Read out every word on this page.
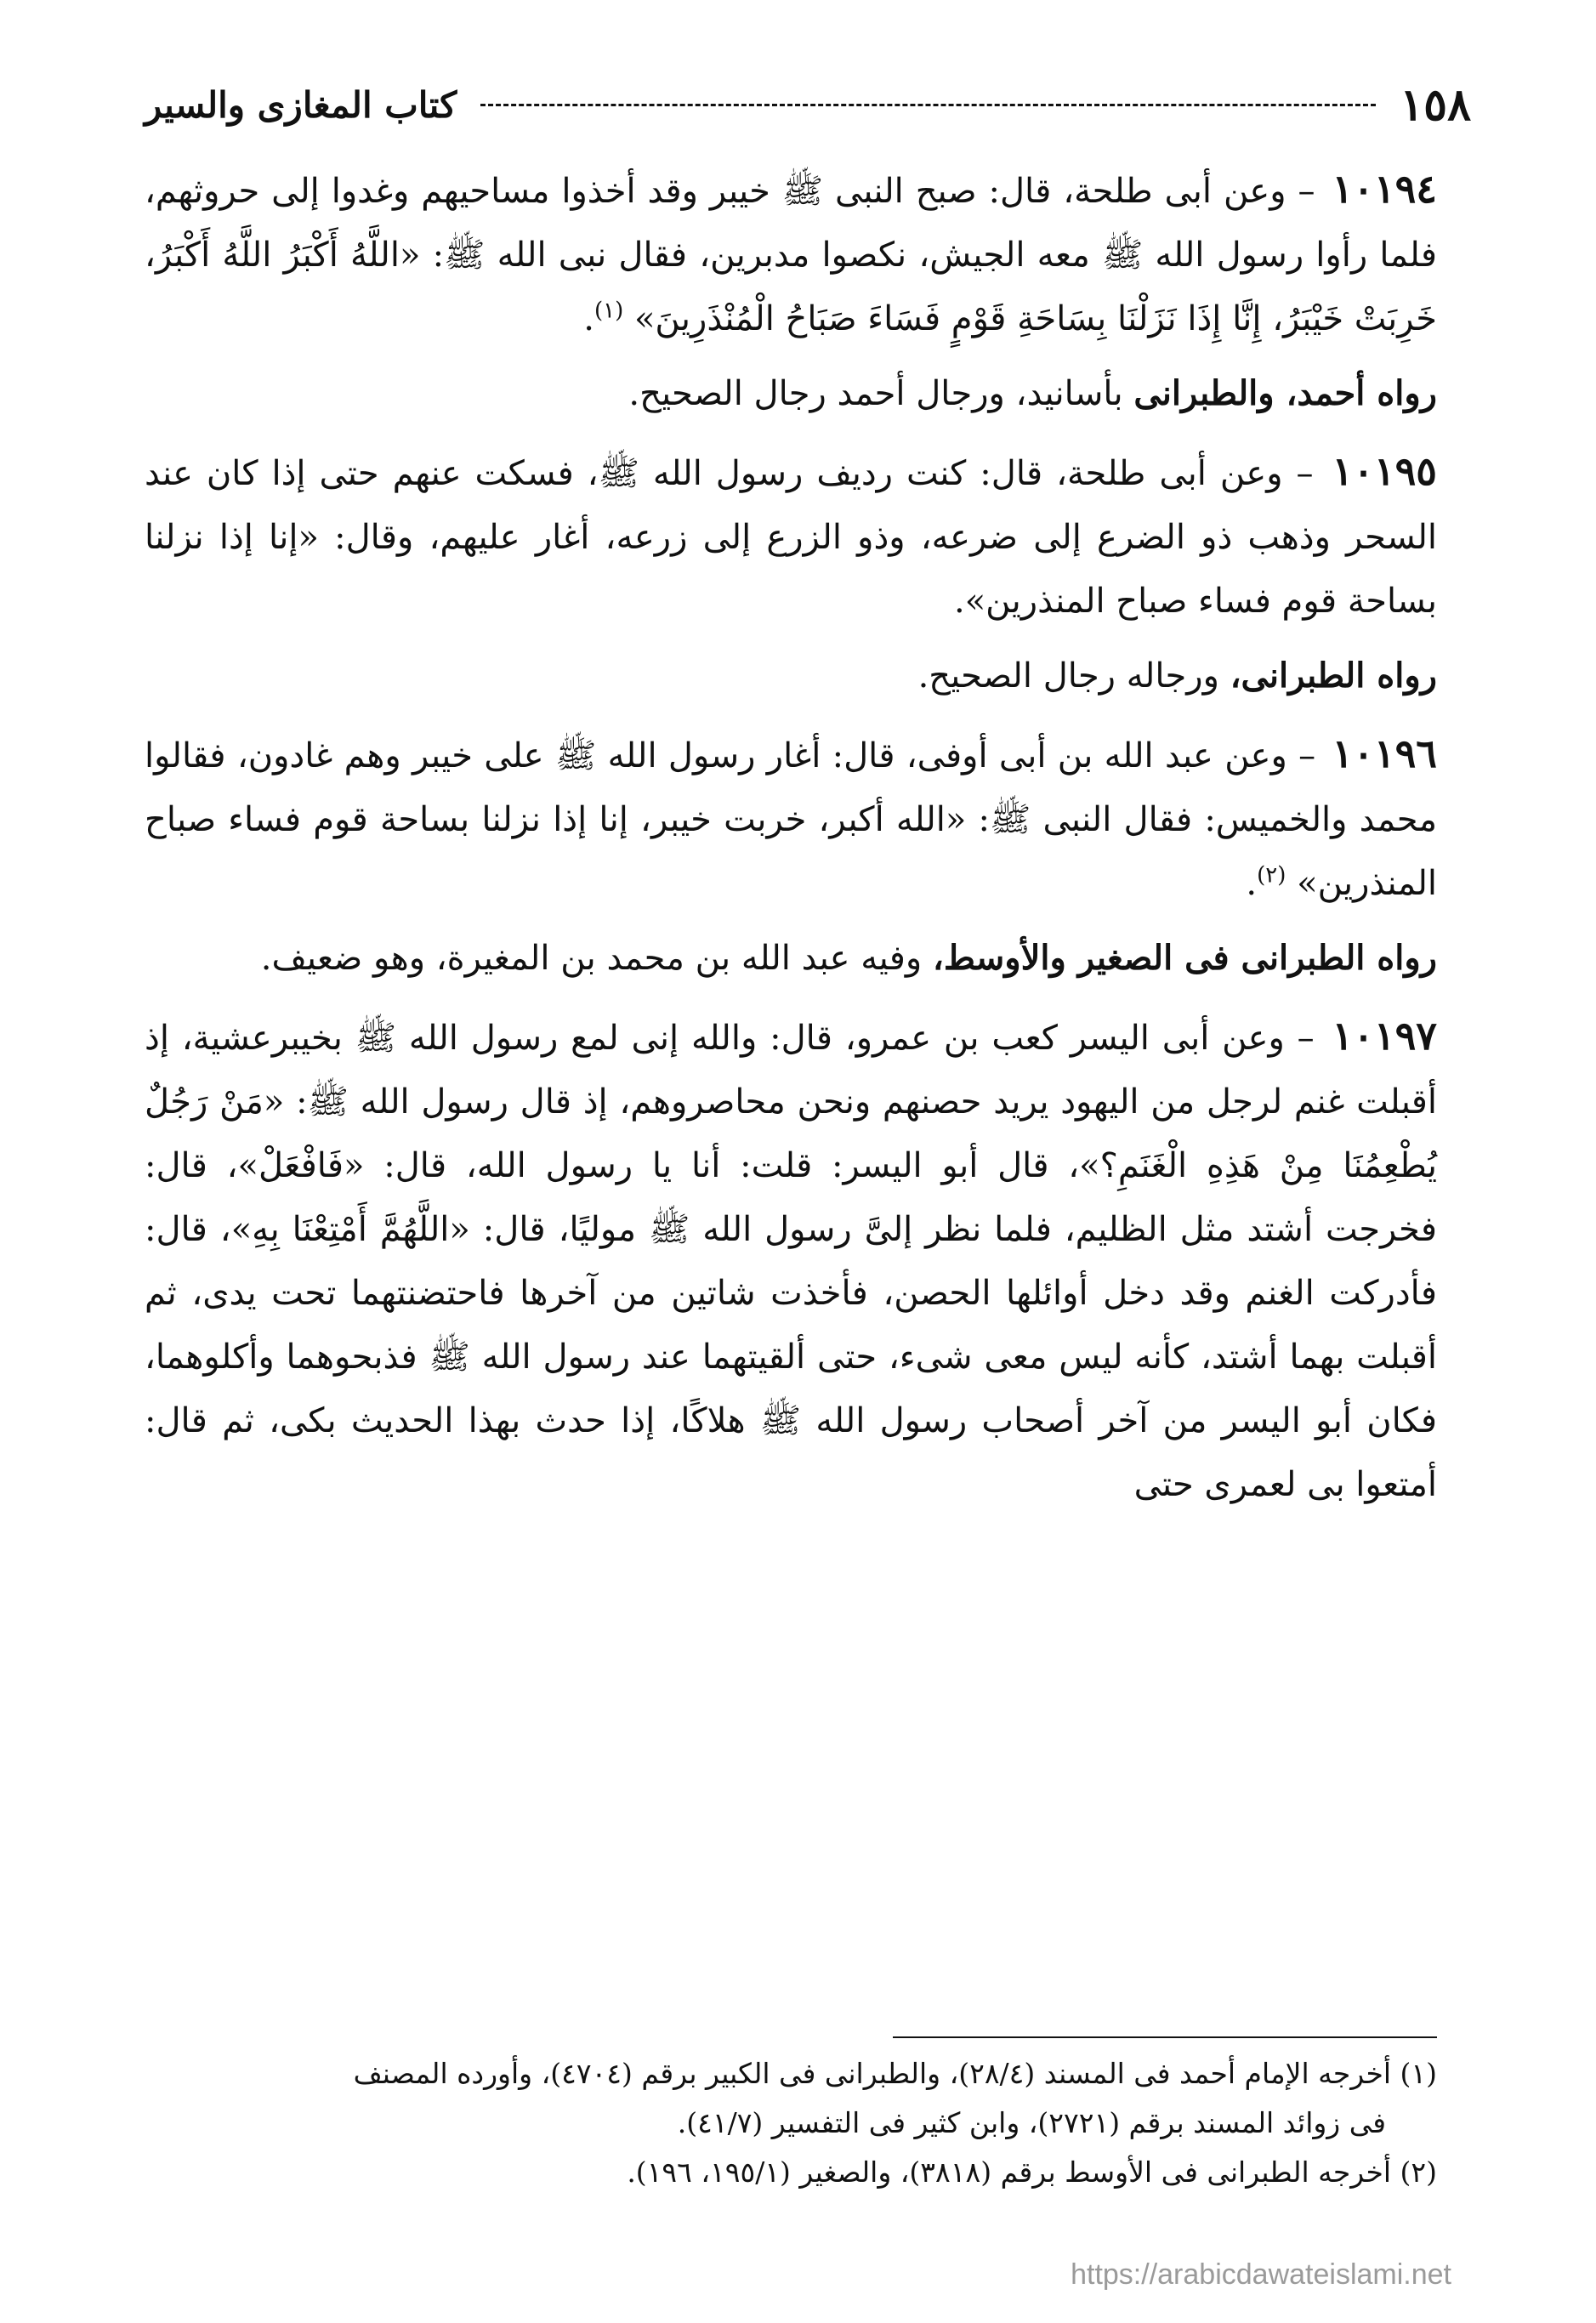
١٥٨
كتاب المغازى والسير

١٠١٩٤ – وعن أبى طلحة، قال: صبح النبى ﷺ خيبر وقد أخذوا مساحيهم وغدوا إلى حروثهم، فلما رأوا رسول الله ﷺ معه الجيش، نكصوا مدبرين، فقال نبى الله ﷺ: «اللَّهُ أَكْبَرُ اللَّهُ أَكْبَرُ، خَرِبَتْ خَيْبَرُ، إِنَّا إِذَا نَزَلْنَا بِسَاحَةِ قَوْمٍ فَسَاءَ صَبَاحُ الْمُنْذَرِينَ» $^{(١)}$.

رواه أحمد، والطبرانى بأسانيد، ورجال أحمد رجال الصحيح.

١٠١٩٥ – وعن أبى طلحة، قال: كنت رديف رسول الله ﷺ، فسكت عنهم حتى إذا كان عند السحر وذهب ذو الضرع إلى ضرعه، وذو الزرع إلى زرعه، أغار عليهم، وقال: «إنا إذا نزلنا بساحة قوم فساء صباح المنذرين».

رواه الطبرانى، ورجاله رجال الصحيح.

١٠١٩٦ – وعن عبد الله بن أبى أوفى، قال: أغار رسول الله ﷺ على خيبر وهم غادون، فقالوا محمد والخميس: فقال النبى ﷺ: «الله أكبر، خربت خيبر، إنا إذا نزلنا بساحة قوم فساء صباح المنذرين» $^{(٢)}$.

رواه الطبرانى فى الصغير والأوسط، وفيه عبد الله بن محمد بن المغيرة، وهو ضعيف.

١٠١٩٧ – وعن أبى اليسر كعب بن عمرو، قال: والله إنى لمع رسول الله ﷺ بخيبرعشية، إذ أقبلت غنم لرجل من اليهود يريد حصنهم ونحن محاصروهم، إذ قال رسول الله ﷺ: «مَنْ رَجُلٌ يُطْعِمُنَا مِنْ هَذِهِ الْغَنَمِ؟»، قال أبو اليسر: قلت: أنا يا رسول الله، قال: «فَافْعَلْ»، قال: فخرجت أشتد مثل الظليم، فلما نظر إلىَّ رسول الله ﷺ موليًا، قال: «اللَّهُمَّ أَمْتِعْنَا بِهِ»، قال: فأدركت الغنم وقد دخل أوائلها الحصن، فأخذت شاتين من آخرها فاحتضنتهما تحت يدى، ثم أقبلت بهما أشتد، كأنه ليس معى شىء، حتى ألقيتهما عند رسول الله ﷺ فذبحوهما وأكلوهما، فكان أبو اليسر من آخر أصحاب رسول الله ﷺ هلاكًا، إذا حدث بهذا الحديث بكى، ثم قال: أمتعوا بى لعمرى حتى

(١) أخرجه الإمام أحمد فى المسند (٢٨/٤)، والطبرانى فى الكبير برقم (٤٧٠٤)، وأورده المصنف

فى زوائد المسند برقم (٢٧٢١)، وابن كثير فى التفسير (٤١/٧).

(٢) أخرجه الطبرانى فى الأوسط برقم (٣٨١٨)، والصغير (١٩٥/١، ١٩٦).

https://arabicdawateislami.net
